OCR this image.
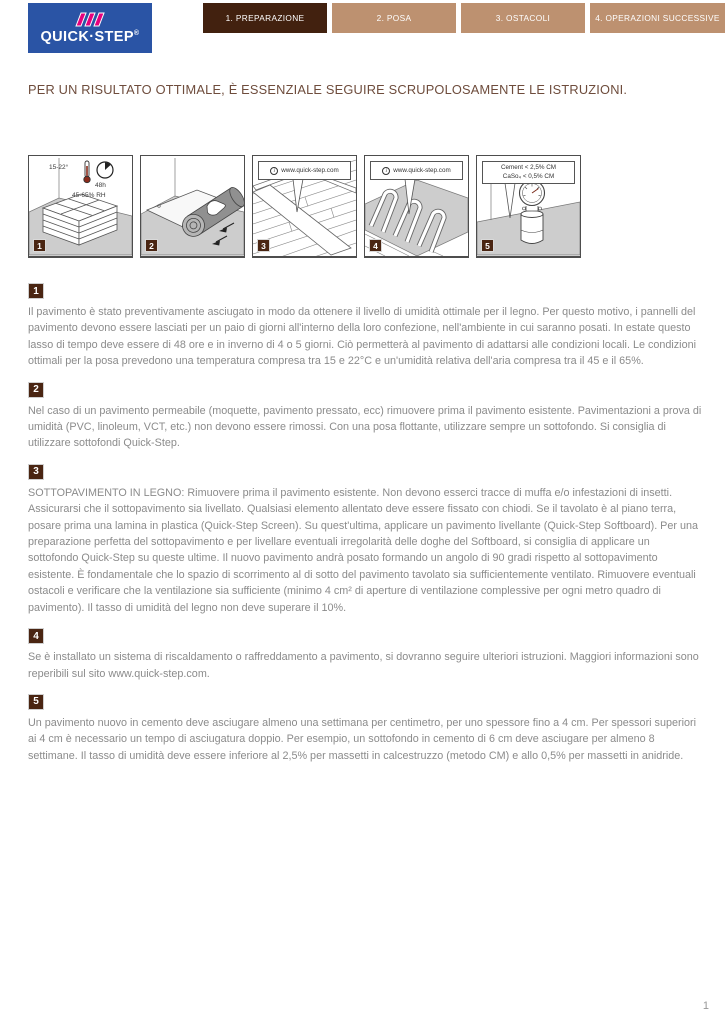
QUICK·STEP®
1. PREPARAZIONE	2. POSA	3. OSTACOLI	4. OPERAZIONI SUCCESSIVE
PER UN RISULTATO OTTIMALE, È ESSENZIALE SEGUIRE SCRUPOLOSAMENTE LE ISTRUZIONI.
15-22°
48h
45-65% RH
1	2
i www.quick-step.com
3
i www.quick-step.com
4
Cement < 2,5% CM
CaSo₄ < 0,5% CM
5
1

Il pavimento è stato preventivamente asciugato in modo da ottenere il livello di umidità ottimale per il legno. Per questo motivo, i pannelli del pavimento devono essere lasciati per un paio di giorni all'interno della loro confezione, nell'ambiente in cui saranno posati. In estate questo lasso di tempo deve essere di 48 ore e in inverno di 4 o 5 giorni. Ciò permetterà al pavimento di adattarsi alle condizioni locali. Le condizioni ottimali per la posa prevedono una temperatura compresa tra 15 e 22°C e un'umidità relativa dell'aria compresa tra il 45 e il 65%.

2

Nel caso di un pavimento permeabile (moquette, pavimento pressato, ecc) rimuovere prima il pavimento esistente. Pavimentazioni a prova di umidità (PVC, linoleum, VCT, etc.) non devono essere rimossi. Con una posa flottante, utilizzare sempre un sottofondo. Si consiglia di utilizzare sottofondi Quick-Step.

3

SOTTOPAVIMENTO IN LEGNO: Rimuovere prima il pavimento esistente. Non devono esserci tracce di muffa e/o infestazioni di insetti. Assicurarsi che il sottopavimento sia livellato. Qualsiasi elemento allentato deve essere fissato con chiodi. Se il tavolato è al piano terra, posare prima una lamina in plastica (Quick-Step Screen). Su quest'ultima, applicare un pavimento livellante (Quick-Step Softboard). Per una preparazione perfetta del sottopavimento e per livellare eventuali irregolarità delle doghe del Softboard, si consiglia di applicare un sottofondo Quick-Step su queste ultime. Il nuovo pavimento andrà posato formando un angolo di 90 gradi rispetto al sottopavimento esistente. È fondamentale che lo spazio di scorrimento al di sotto del pavimento tavolato sia sufficientemente ventilato. Rimuovere eventuali ostacoli e verificare che la ventilazione sia sufficiente (minimo 4 cm² di aperture di ventilazione complessive per ogni metro quadro di pavimento). Il tasso di umidità del legno non deve superare il 10%.

4

Se è installato un sistema di riscaldamento o raffreddamento a pavimento, si dovranno seguire ulteriori istruzioni. Maggiori informazioni sono reperibili sul sito www.quick-step.com.

5

Un pavimento nuovo in cemento deve asciugare almeno una settimana per centimetro, per uno spessore fino a 4 cm. Per spessori superiori ai 4 cm è necessario un tempo di asciugatura doppio. Per esempio, un sottofondo in cemento di 6 cm deve asciugare per almeno 8 settimane. Il tasso di umidità deve essere inferiore al 2,5% per massetti in calcestruzzo (metodo CM) e allo 0,5% per massetti in anidride.

1
